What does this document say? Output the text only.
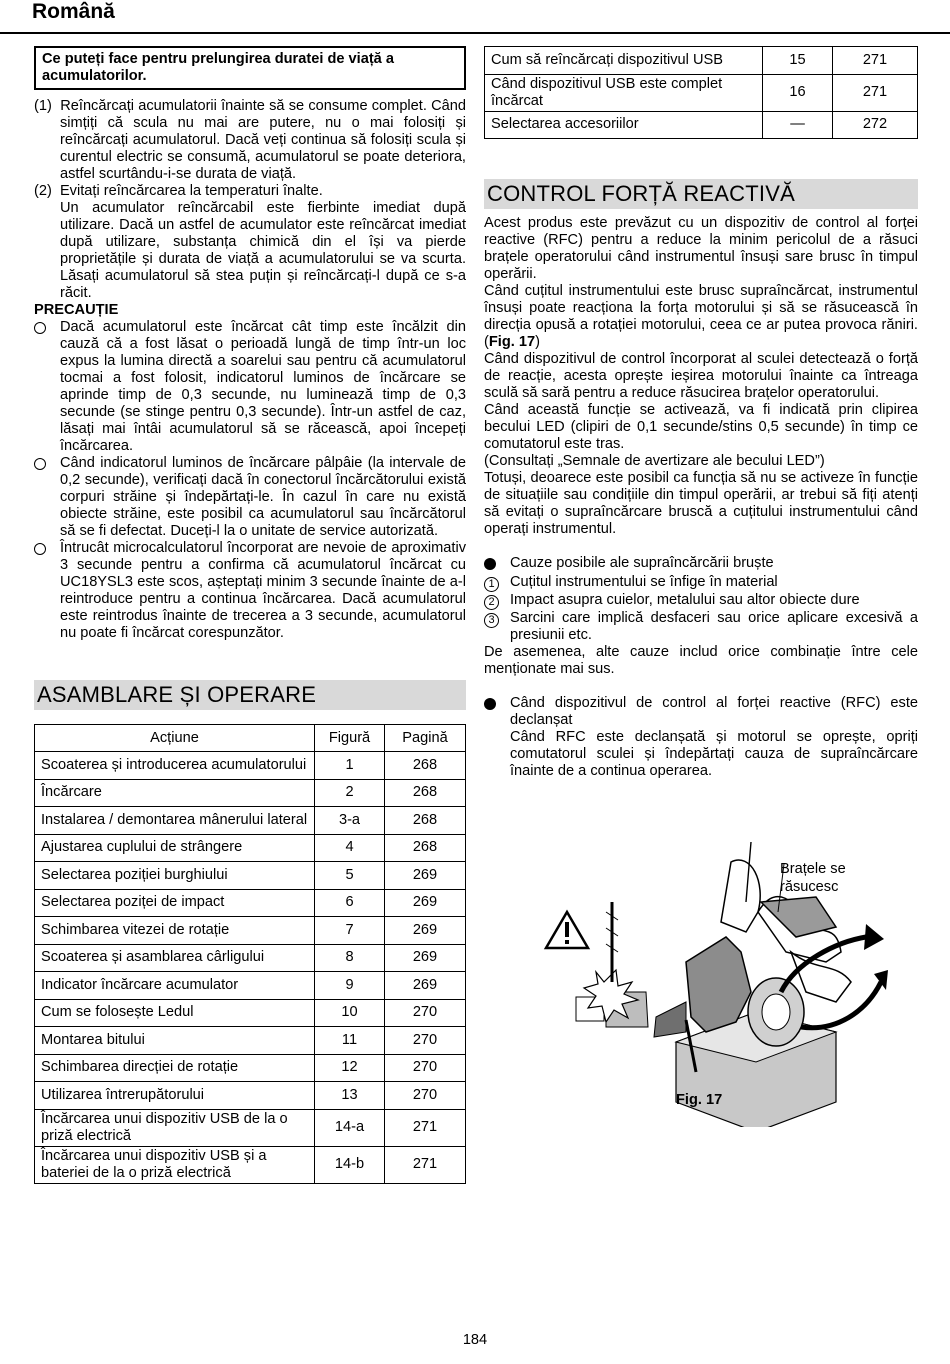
Română
Ce puteți face pentru prelungirea duratei de viață a acumulatorilor.
(1) Reîncărcați acumulatorii înainte să se consume complet. Când simțiți că scula nu mai are putere, nu o mai folosiți și reîncărcați acumulatorul. Dacă veți continua să folosiți scula și curentul electric se consumă, acumulatorul se poate deteriora, astfel scurtându-i-se durata de viață.
(2) Evitați reîncărcarea la temperaturi înalte.
Un acumulator reîncărcabil este fierbinte imediat după utilizare. Dacă un astfel de acumulator este reîncărcat imediat după utilizare, substanța chimică din el își va pierde proprietățile și durata de viață a acumulatorului se va scurta. Lăsați acumulatorul să stea puțin și reîncărcați-l după ce s-a răcit.
PRECAUȚIE
Dacă acumulatorul este încărcat cât timp este încălzit din cauză că a fost lăsat o perioadă lungă de timp într-un loc expus la lumina directă a soarelui sau pentru că acumulatorul tocmai a fost folosit, indicatorul luminos de încărcare se aprinde timp de 0,3 secunde, nu luminează timp de 0,3 secunde (se stinge pentru 0,3 secunde). Într-un astfel de caz, lăsați mai întâi acumulatorul să se răcească, apoi începeți încărcarea.
Când indicatorul luminos de încărcare pâlpâie (la intervale de 0,2 secunde), verificați dacă în conectorul încărcătorului există corpuri străine și îndepărtați-le. În cazul în care nu există obiecte străine, este posibil ca acumulatorul sau încărcătorul să se fi defectat. Duceți-l la o unitate de service autorizată.
Întrucât microcalculatorul încorporat are nevoie de aproximativ 3 secunde pentru a confirma că acumulatorul încărcat cu UC18YSL3 este scos, așteptați minim 3 secunde înainte de a-l reintroduce pentru a continua încărcarea. Dacă acumulatorul este reintrodus înainte de trecerea a 3 secunde, acumulatorul nu poate fi încărcat corespunzător.
ASAMBLARE ȘI OPERARE
Acțiune	Figură	Pagină
Scoaterea și introducerea acumulatorului	1	268
Încărcare	2	268
Instalarea / demontarea mânerului lateral	3-a	268
Ajustarea cuplului de strângere	4	268
Selectarea poziției burghiului	5	269
Selectarea poziței de impact	6	269
Schimbarea vitezei de rotație	7	269
Scoaterea și asamblarea cârligului	8	269
Indicator încărcare acumulator	9	269
Cum se folosește Ledul	10	270
Montarea bitului	11	270
Schimbarea direcției de rotație	12	270
Utilizarea întrerupătorului	13	270
Încărcarea unui dispozitiv USB de la o priză electrică	14-a	271
Încărcarea unui dispozitiv USB și a bateriei de la o priză electrică	14-b	271
Cum să reîncărcați dispozitivul USB	15	271
Când dispozitivul USB este complet încărcat	16	271
Selectarea accesoriilor	—	272
CONTROL FORȚĂ REACTIVĂ
Acest produs este prevăzut cu un dispozitiv de control al forței reactive (RFC) pentru a reduce la minim pericolul de a răsuci brațele operatorului când instrumentul însuși sare brusc în timpul operării.
Când cuțitul instrumentului este brusc supraîncărcat, instrumentul însuși poate reacționa la forța motorului și să se răsucească în direcția opusă a rotației motorului, ceea ce ar putea provoca răniri. (Fig. 17)
Când dispozitivul de control încorporat al sculei detectează o forță de reacție, acesta oprește ieșirea motorului înainte ca întreaga sculă să sară pentru a reduce răsucirea brațelor operatorului.
Când această funcție se activează, va fi indicată prin clipirea becului LED (clipiri de 0,1 secunde/stins 0,5 secunde) în timp ce comutatorul este tras.
(Consultați „Semnale de avertizare ale becului LED”)
Totuși, deoarece este posibil ca funcția să nu se activeze în funcție de situațiile sau condițiile din timpul operării, ar trebui să fiți atenți să evitați o supraîncărcare bruscă a cuțitului instrumentului când operați instrumentul.
Cauze posibile ale supraîncărcării bruște
1	Cuțitul instrumentului se înfige în material
2	Impact asupra cuielor, metalului sau altor obiecte dure
3	Sarcini care implică desfaceri sau orice aplicare excesivă a presiunii etc.
De asemenea, alte cauze includ orice combinație între cele menționate mai sus.
Când dispozitivul de control al forței reactive (RFC) este declanșat
Când RFC este declanșată și motorul se oprește, opriți comutatorul sculei și îndepărtați cauza de supraîncărcare înainte de a continua operarea.
Brațele se răsucesc
Fig. 17
184
